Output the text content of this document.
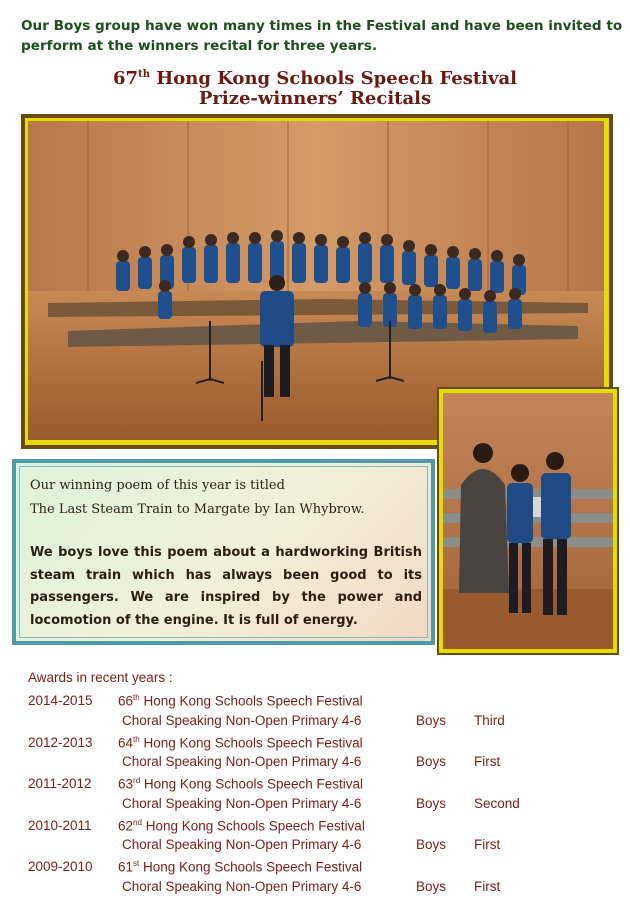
Our Boys group have won many times in the Festival and have been invited to perform at the winners recital for three years.

67th Hong Kong Schools Speech Festival
Prize-winners’ Recitals

Our winning poem of this year is titled

The Last Steam Train to Margate by Ian Whybrow.

We boys love this poem about a hardworking British steam train which has always been good to its passengers. We are inspired by the power and locomotion of the engine. It is full of energy.

Awards in recent years :
2014-2015	66th Hong Kong Schools Speech Festival
Choral Speaking Non-Open Primary 4-6	Boys Third
2012-2013	64th Hong Kong Schools Speech Festival
Choral Speaking Non-Open Primary 4-6	Boys First
2011-2012	63rd Hong Kong Schools Speech Festival
Choral Speaking Non-Open Primary 4-6	Boys Second
2010-2011	62nd Hong Kong Schools Speech Festival
Choral Speaking Non-Open Primary 4-6	Boys First
2009-2010	61st Hong Kong Schools Speech Festival
Choral Speaking Non-Open Primary 4-6	Boys First
